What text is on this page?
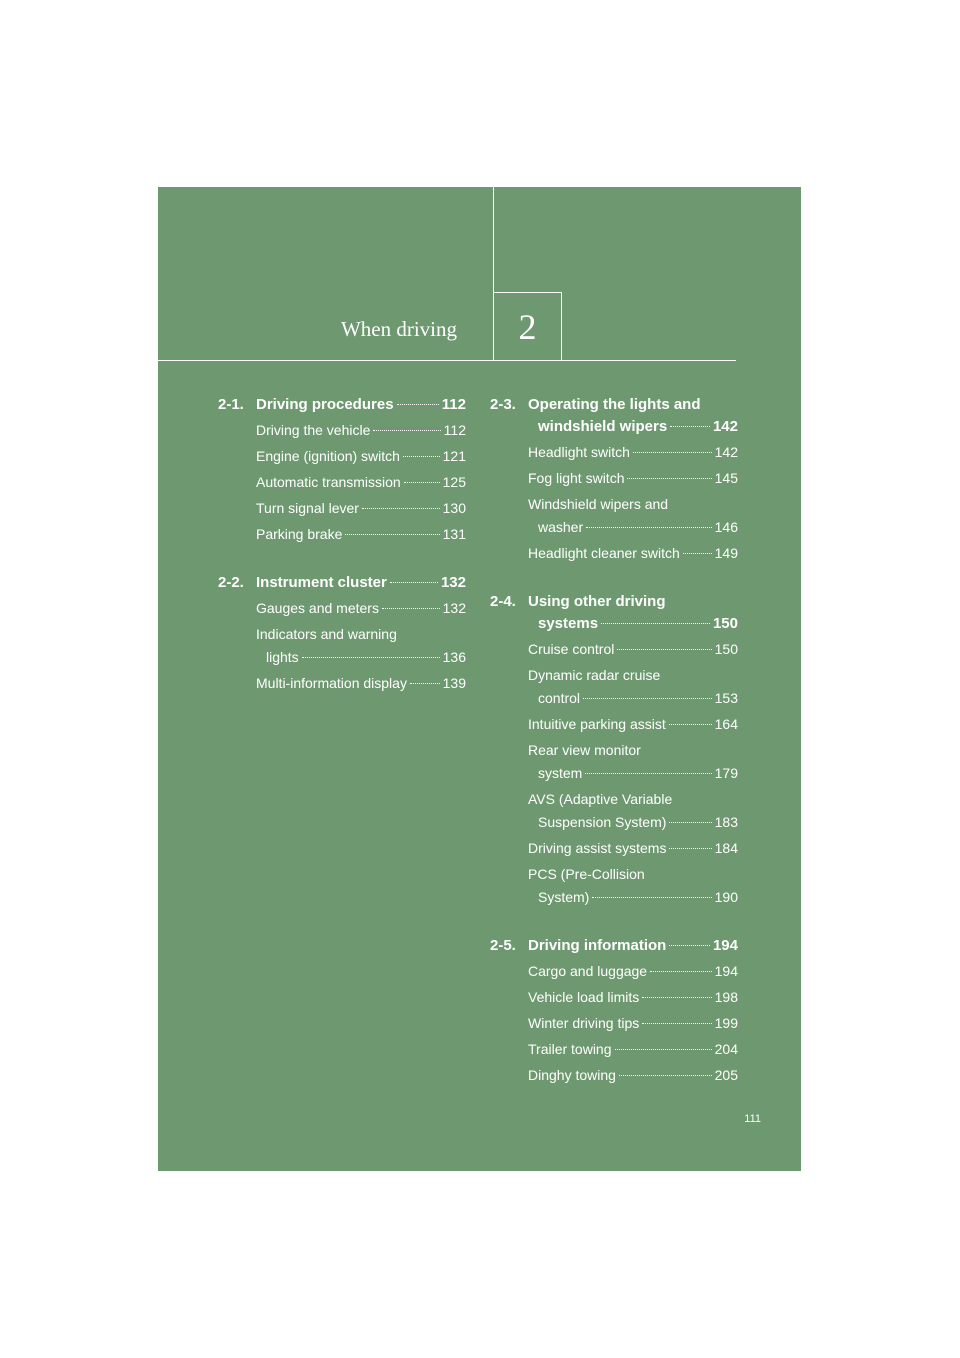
2
When driving
2-1. Driving procedures	112
Driving the vehicle	112
Engine (ignition) switch	121
Automatic transmission	125
Turn signal lever	130
Parking brake	131
2-2. Instrument cluster	132
Gauges and meters	132
Indicators and warning
lights	136
Multi-information display	139
2-3. Operating the lights and
windshield wipers	142
Headlight switch	142
Fog light switch	145
Windshield wipers and
washer	146
Headlight cleaner switch 149
2-4. Using other driving
systems	150
Cruise control	150
Dynamic radar cruise
control	153
Intuitive parking assist	164
Rear view monitor
system	179
AVS (Adaptive Variable
Suspension System)	183
Driving assist systems	184
PCS (Pre-Collision
System)	190
2-5. Driving information	194
Cargo and luggage	194
Vehicle load limits	198
Winter driving tips	199
Trailer towing	204
Dinghy towing	205
111
